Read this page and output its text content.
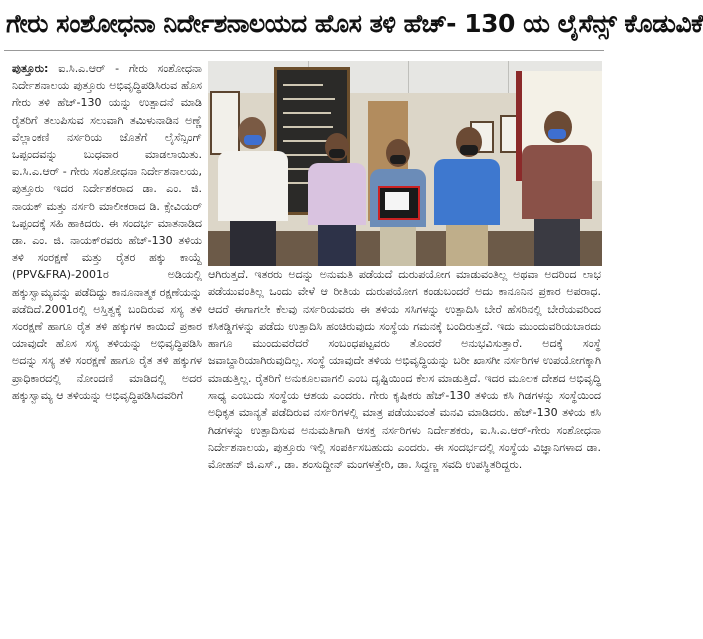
ಗೇರು ಸಂಶೋಧನಾ ನಿರ್ದೇಶನಾಲಯದ ಹೊಸ ತಳಿ ಹೆಚ್- 130 ಯ ಲೈಸೆನ್ಸ್ ಕೊಡುವಿಕೆ

ಪುತ್ತೂರು: ಐ.ಸಿ.ಎ.ಆರ್ - ಗೇರು ಸಂಶೋಧನಾ ನಿರ್ದೇಶನಾಲಯ ಪುತ್ತೂರು ಅಭಿವೃದ್ಧಿಪಡಿಸಿರುವ ಹೊಸ ಗೇರು ತಳಿ ಹೆಚ್-130 ಯನ್ನು ಉತ್ಪಾದನೆ ಮಾಡಿ ರೈತರಿಗೆ ತಲುಪಿಸುವ ಸಲುವಾಗಿ ತಮಿಳುನಾಡಿನ ಅಣ್ಣೆ ವೆಲ್ಲಾಂಕಣಿ ನರ್ಸರಿಯ ಜೊತೆಗೆ ಲೈಸೆನ್ಸಿಂಗ್ ಒಪ್ಪಂದವನ್ನು ಬುಧವಾರ ಮಾಡಲಾಯಿತು. ಐ.ಸಿ.ಎ.ಆರ್ - ಗೇರು ಸಂಶೋಧನಾ ನಿರ್ದೇಶನಾಲಯ, ಪುತ್ತೂರು ಇದರ ನಿರ್ದೇಶಕರಾದ ಡಾ. ಎಂ. ಜಿ. ನಾಯಕ್ ಮತ್ತು ನರ್ಸರಿ ಮಾಲೀಕರಾದ ಡಿ. ಕ್ಸೇವಿಯರ್ ಒಪ್ಪಂದಕ್ಕೆ ಸಹಿ ಹಾಕಿದರು. ಈ ಸಂದರ್ಭ ಮಾತನಾಡಿದ ಡಾ. ಎಂ. ಜಿ. ನಾಯಕ್‌ರವರು ಹೆಚ್-130 ತಳಿಯ ತಳಿ ಸಂರಕ್ಷಣೆ ಮತ್ತು ರೈತರ ಹಕ್ಕು ಕಾಯ್ದೆ (PPV&FRA)-2001ರ ಅಡಿಯಲ್ಲಿ ಹಕ್ಕುಸ್ವಾಮ್ಯವನ್ನು ಪಡೆದಿದ್ದು ಕಾನೂನಾತ್ಮಕ ರಕ್ಷಣೆಯನ್ನು ಪಡೆದಿದೆ.2001ರಲ್ಲಿ ಅಸ್ತಿತ್ವಕ್ಕೆ ಬಂದಿರುವ ಸಸ್ಯ ತಳಿ ಸಂರಕ್ಷಣೆ ಹಾಗೂ ರೈತ ತಳಿ ಹಕ್ಕುಗಳ ಕಾಯಿದೆ ಪ್ರಕಾರ ಯಾವುದೇ ಹೊಸ ಸಸ್ಯ ತಳಿಯನ್ನು ಅಭಿವೃದ್ಧಿಪಡಿಸಿ ಅದನ್ನು ಸಸ್ಯ ತಳಿ ಸಂರಕ್ಷಣೆ ಹಾಗೂ ರೈತ ತಳಿ ಹಕ್ಕುಗಳ ಪ್ರಾಧಿಕಾರದಲ್ಲಿ ನೋಂದಣಿ ಮಾಡಿದಲ್ಲಿ ಅದರ ಹಕ್ಕುಸ್ವಾಮ್ಯ ಆ ತಳಿಯನ್ನು ಅಭಿವೃದ್ಧಿಪಡಿಸಿದವರಿಗೆ

ಆಗಿರುತ್ತದೆ. ಇತರರು ಅದನ್ನು ಅನುಮತಿ ಪಡೆಯದೆ ದುರುಪಯೋಗ ಮಾಡುವಂತಿಲ್ಲ ಅಥವಾ ಅದರಿಂದ ಲಾಭ ಪಡೆಯುವಂತಿಲ್ಲ ಒಂದು ವೇಳೆ ಆ ರೀತಿಯ ದುರುಪಯೋಗ ಕಂಡುಬಂದರೆ ಅದು ಕಾನೂನಿನ ಪ್ರಕಾರ ಅಪರಾಧ. ಆದರೆ ಈಗಾಗಲೇ ಕೆಲವು ನರ್ಸರಿಯವರು ಈ ತಳಿಯ ಸಸಿಗಳನ್ನು ಉತ್ಪಾದಿಸಿ ಬೇರೆ ಹೆಸರಿನಲ್ಲಿ ಬೇರೆಯವರಿಂದ ಕಸಿಕಡ್ಡಿಗಳನ್ನು ಪಡೆದು ಉತ್ಪಾದಿಸಿ ಹಂಚಿರುವುದು ಸಂಸ್ಥೆಯ ಗಮನಕ್ಕೆ ಬಂದಿರುತ್ತದೆ. ಇದು ಮುಂದುವರಿಯಬಾರದು ಹಾಗೂ ಮುಂದುವರೆದರೆ ಸಂಬಂಧಪಟ್ಟವರು ತೊಂದರೆ ಅನುಭವಿಸುತ್ತಾರೆ. ಅದಕ್ಕೆ ಸಂಸ್ಥೆ ಜವಾಬ್ದಾರಿಯಾಗಿರುವುದಿಲ್ಲ. ಸಂಸ್ಥೆ ಯಾವುದೇ ತಳಿಯ ಅಭಿವೃದ್ಧಿಯನ್ನು ಬರೀ ಖಾಸಗೀ ನರ್ಸರಿಗಳ ಉಪಯೋಗಕ್ಕಾಗಿ ಮಾಡುತ್ತಿಲ್ಲ. ರೈತರಿಗೆ ಅನುಕೂಲವಾಗಲಿ ಎಂಬ ದೃಷ್ಟಿಯಿಂದ ಕೆಲಸ ಮಾಡುತ್ತಿದೆ. ಇದರ ಮೂಲಕ ದೇಶದ ಅಭಿವೃದ್ಧಿ ಸಾಧ್ಯ ಎಂಬುದು ಸಂಸ್ಥೆಯ ಆಶಯ ಎಂದರು. ಗೇರು ಕೃಷಿಕರು ಹೆಚ್-130 ತಳಿಯ ಕಸಿ ಗಿಡಗಳನ್ನು ಸಂಸ್ಥೆಯಿಂದ ಅಧಿಕೃತ ಮಾನ್ಯತೆ ಪಡೆದಿರುವ ನರ್ಸರಿಗಳಲ್ಲಿ ಮಾತ್ರ ಪಡೆಯುವಂತೆ ಮನವಿ ಮಾಡಿದರು. ಹೆಚ್-130 ತಳಿಯ ಕಸಿ ಗಿಡಗಳನ್ನು ಉತ್ಪಾದಿಸುವ ಅನುಮತಿಗಾಗಿ ಆಸಕ್ತ ನರ್ಸರಿಗಳು ನಿರ್ದೇಶಕರು, ಐ.ಸಿ.ಎ.ಆರ್-ಗೇರು ಸಂಶೋಧನಾ ನಿರ್ದೇಶನಾಲಯ, ಪುತ್ತೂರು ಇಲ್ಲಿ ಸಂಪರ್ಕಿಸಬಹುದು ಎಂದರು. ಈ ಸಂದರ್ಭದಲ್ಲಿ ಸಂಸ್ಥೆಯ ವಿಜ್ಞಾನಿಗಳಾದ ಡಾ. ಮೋಹನ್ ಜಿ.ಎಸ್., ಡಾ. ಶಂಸುದ್ದೀನ್ ಮಂಗಳತ್ತೇರಿ, ಡಾ. ಸಿದ್ದಣ್ಣ ಸವದಿ ಉಪಸ್ಥಿತರಿದ್ದರು.
